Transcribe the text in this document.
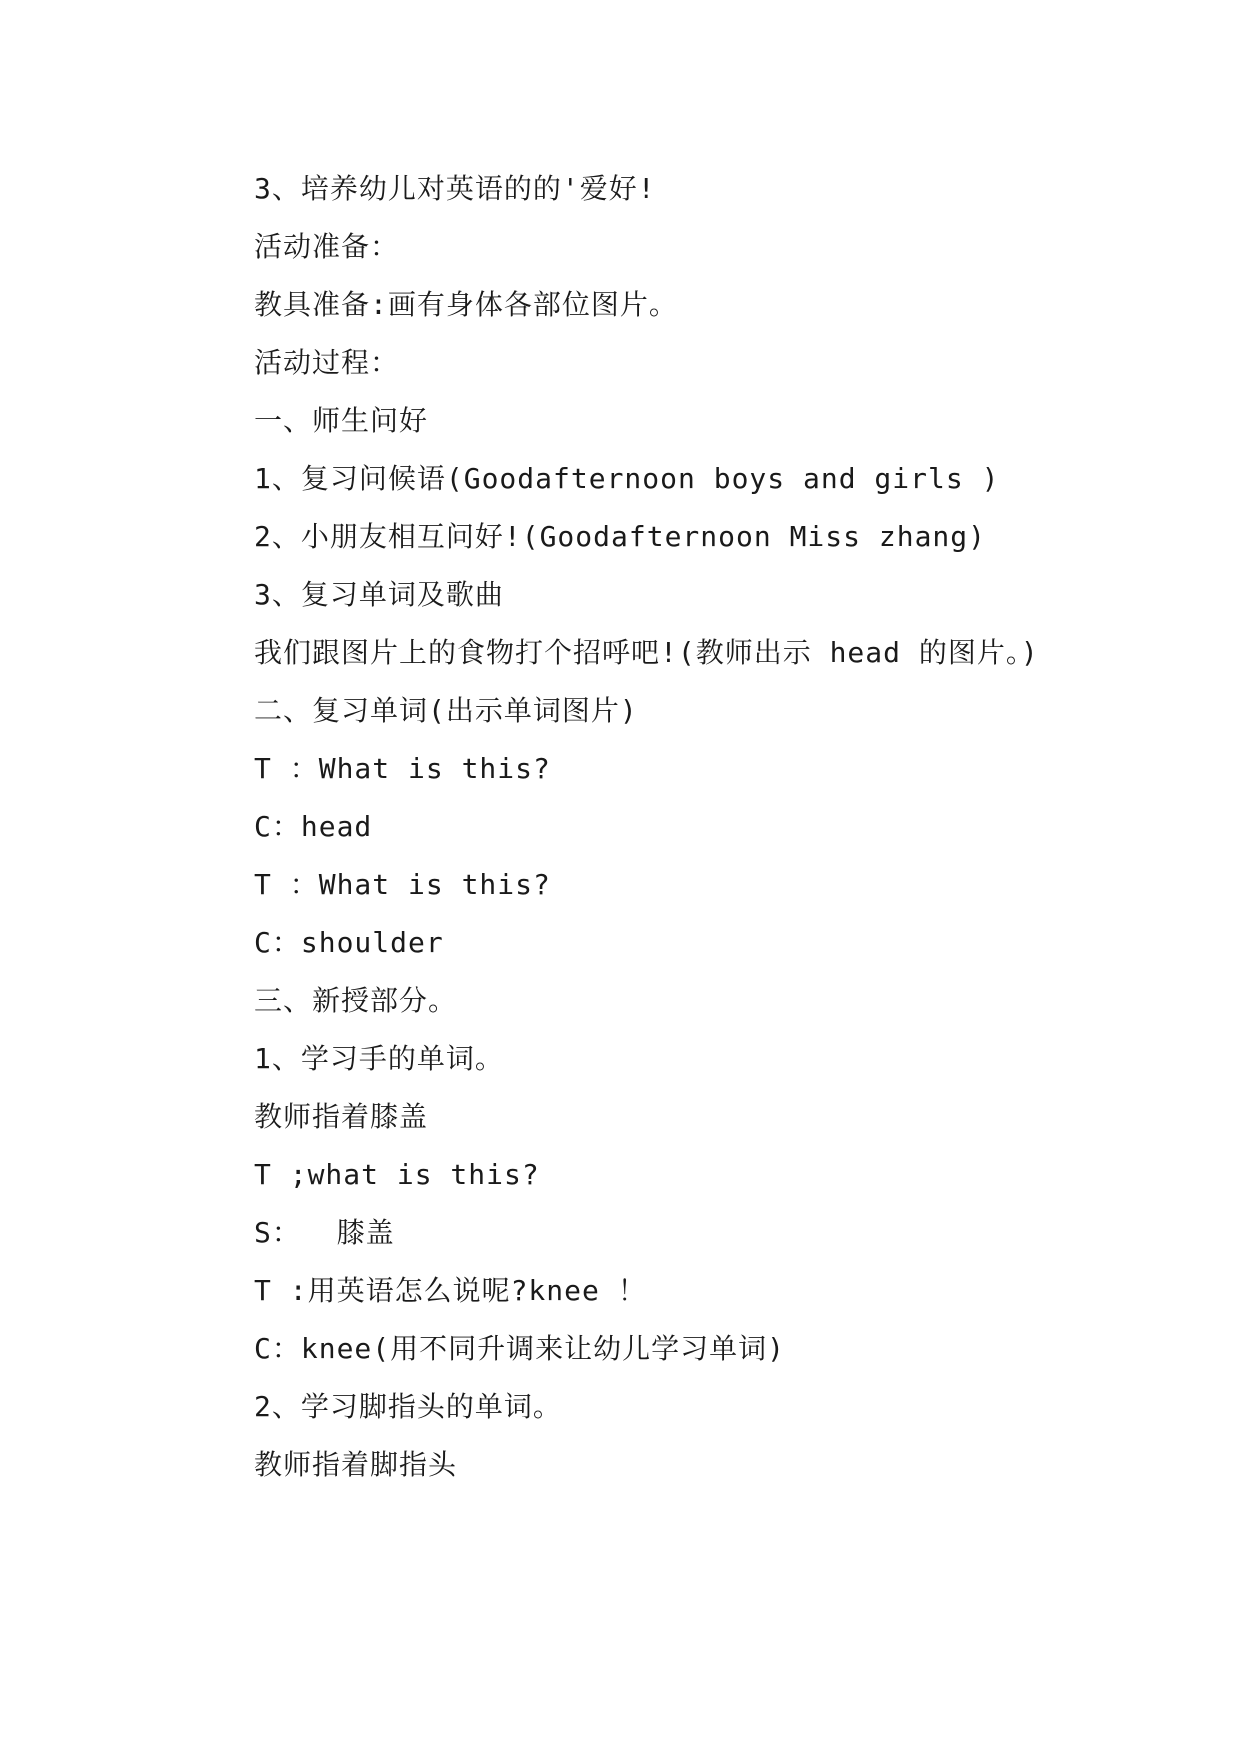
3、培养幼儿对英语的的'爱好!

活动准备：

教具准备:画有身体各部位图片。

活动过程：

一、师生问好

1、复习问候语(Goodafternoon boys and girls )

2、小朋友相互问好!(Goodafternoon Miss zhang)

3、复习单词及歌曲

我们跟图片上的食物打个招呼吧!(教师出示 head 的图片。)

二、复习单词(出示单词图片)

T ：What is this?

C：head

T ：What is this?

C：shoulder

三、新授部分。

1、学习手的单词。

教师指着膝盖

T ;what is this?

S：  膝盖

T :用英语怎么说呢?knee ！

C：knee(用不同升调来让幼儿学习单词)

2、学习脚指头的单词。

教师指着脚指头
